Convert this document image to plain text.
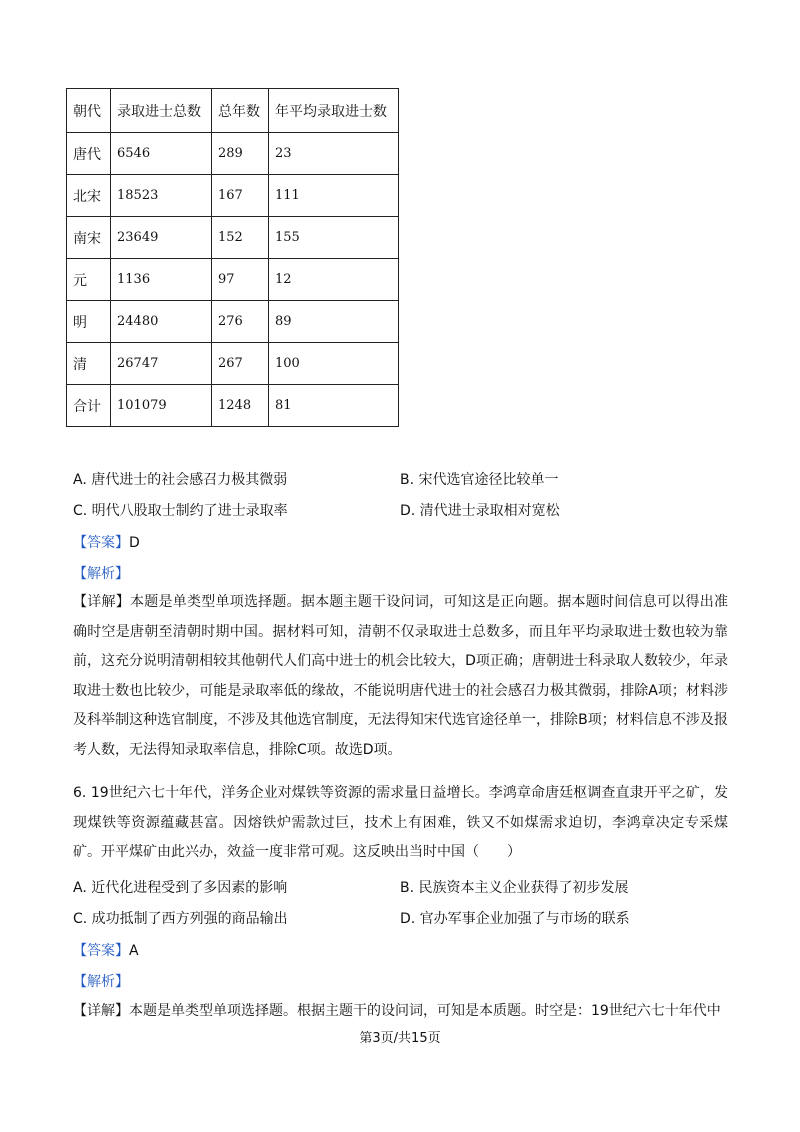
朝代	录取进士总数	总年数	年平均录取进士数
唐代	6546	289	23
北宋	18523	167	111
南宋	23649	152	155
元	1136	97	12
明	24480	276	89
清	26747	267	100
合计	101079	1248	81
A. 唐代进士的社会感召力极其微弱	B. 宋代选官途径比较单一
C. 明代八股取士制约了进士录取率	D. 清代进士录取相对宽松
【答案】D
【解析】
【详解】本题是单类型单项选择题。据本题主题干设问词，可知这是正向题。据本题时间信息可以得出准确时空是唐朝至清朝时期中国。据材料可知，清朝不仅录取进士总数多，而且年平均录取进士数也较为靠前，这充分说明清朝相较其他朝代人们高中进士的机会比较大，D项正确；唐朝进士科录取人数较少，年录取进士数也比较少，可能是录取率低的缘故，不能说明唐代进士的社会感召力极其微弱，排除A项；材料涉及科举制这种选官制度，不涉及其他选官制度，无法得知宋代选官途径单一，排除B项；材料信息不涉及报考人数，无法得知录取率信息，排除C项。故选D项。
6. 19世纪六七十年代，洋务企业对煤铁等资源的需求量日益增长。李鸿章命唐廷枢调查直隶开平之矿，发现煤铁等资源蕴藏甚富。因熔铁炉需款过巨，技术上有困难，铁又不如煤需求迫切，李鸿章决定专采煤矿。开平煤矿由此兴办，效益一度非常可观。这反映出当时中国（　　）
A. 近代化进程受到了多因素的影响	B. 民族资本主义企业获得了初步发展
C. 成功抵制了西方列强的商品输出	D. 官办军事企业加强了与市场的联系
【答案】A
【解析】
【详解】本题是单类型单项选择题。根据主题干的设问词，可知是本质题。时空是：19世纪六七十年代中
第3页/共15页
